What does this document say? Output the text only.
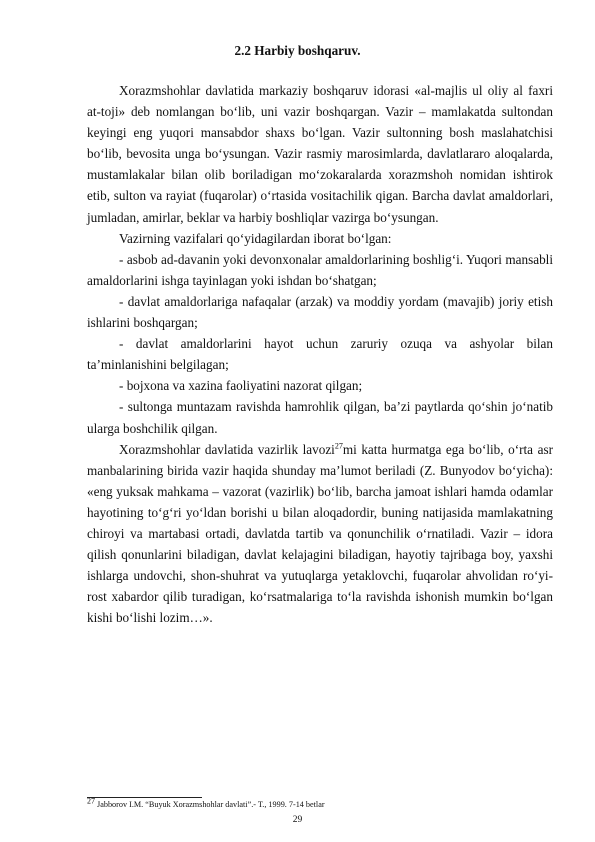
2.2 Harbiy boshqaruv.

Xorazmshohlar davlatida markaziy boshqaruv idorasi «al-majlis ul oliy al faxri at-toji» deb nomlangan bo‘lib, uni vazir boshqargan. Vazir – mamlakatda sultondan keyingi eng yuqori mansabdor shaxs bo‘lgan. Vazir sultonning bosh maslahatchisi bo‘lib, bevosita unga bo‘ysungan. Vazir rasmiy marosimlarda, davlatlararo aloqalarda, mustamlakalar bilan olib boriladigan mo‘zokaralarda xorazmshoh nomidan ishtirok etib, sulton va rayiat (fuqarolar) o‘rtasida vositachilik qigan. Barcha davlat amaldorlari, jumladan, amirlar, beklar va harbiy boshliqlar vazirga bo‘ysungan.

Vazirning vazifalari qo‘yidagilardan iborat bo‘lgan:

- asbob ad-davanin yoki devonxonalar amaldorlarining boshlig‘i. Yuqori mansabli amaldorlarini ishga tayinlagan yoki ishdan bo‘shatgan;

- davlat amaldorlariga nafaqalar (arzak) va moddiy yordam (mavajib) joriy etish ishlarini boshqargan;

- davlat amaldorlarini hayot uchun zaruriy ozuqa va ashyolar bilan ta’minlanishini belgilagan;

- bojxona va xazina faoliyatini nazorat qilgan;

- sultonga muntazam ravishda hamrohlik qilgan, ba’zi paytlarda qo‘shin jo‘natib ularga boshchilik qilgan.

Xorazmshohlar davlatida vazirlik lavozi$^{27}$mi katta hurmatga ega bo‘lib, o‘rta asr manbalarining birida vazir haqida shunday ma’lumot beriladi (Z. Bunyodov bo‘yicha): «eng yuksak mahkama – vazorat (vazirlik) bo‘lib, barcha jamoat ishlari hamda odamlar hayotining to‘g‘ri yo‘ldan borishi u bilan aloqadordir, buning natijasida mamlakatning chiroyi va martabasi ortadi, davlatda tartib va qonunchilik o‘rnatiladi. Vazir – idora qilish qonunlarini biladigan, davlat kelajagini biladigan, hayotiy tajribaga boy, yaxshi ishlarga undovchi, shon-shuhrat va yutuqlarga yetaklovchi, fuqarolar ahvolidan ro‘yi-rost xabardor qilib turadigan, ko‘rsatmalariga to‘la ravishda ishonish mumkin bo‘lgan kishi bo‘lishi lozim…».

27 Jabborov I.M. “Buyuk Xorazmshohlar davlati”.- T., 1999. 7-14 betlar
29
